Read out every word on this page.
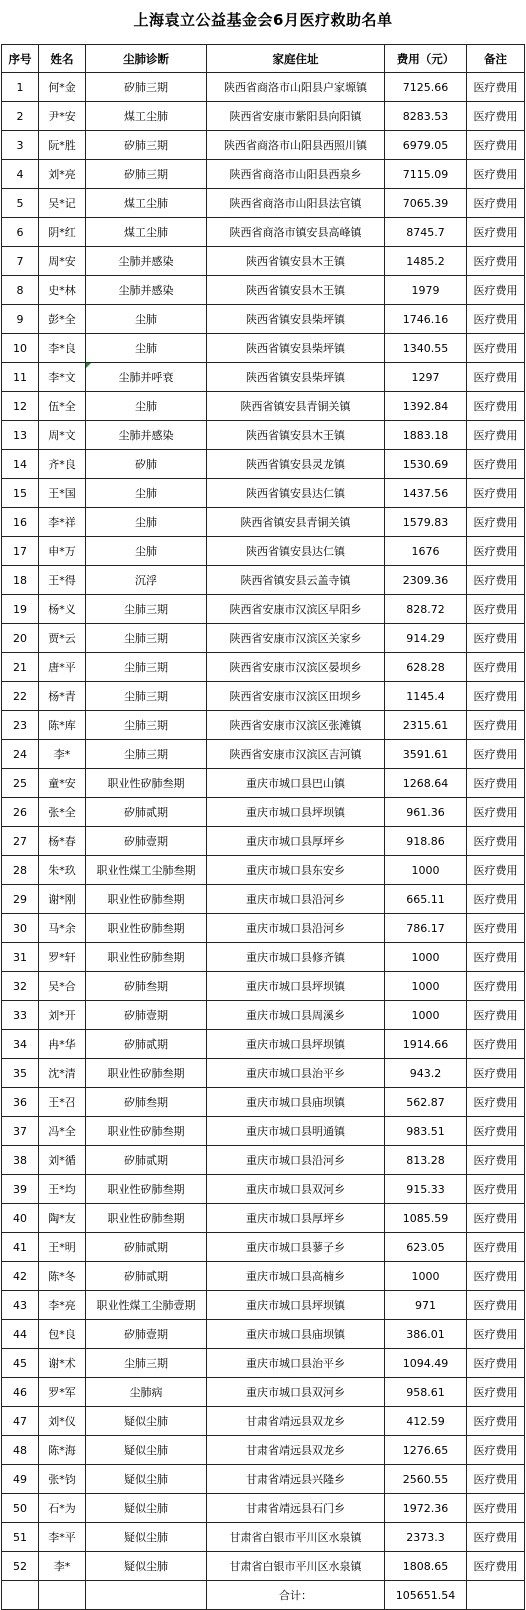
上海袁立公益基金会6月医疗救助名单
序号	姓名	尘肺诊断	家庭住址	费用（元）	备注
1	何*金	矽肺三期	陕西省商洛市山阳县户家塬镇	7125.66	医疗费用
2	尹*安	煤工尘肺	陕西省安康市紫阳县向阳镇	8283.53	医疗费用
3	阮*胜	矽肺三期	陕西省商洛市山阳县西照川镇	6979.05	医疗费用
4	刘*亮	矽肺三期	陕西省商洛市山阳县西泉乡	7115.09	医疗费用
5	吴*记	煤工尘肺	陕西省商洛市山阳县法官镇	7065.39	医疗费用
6	阴*红	煤工尘肺	陕西省商洛市镇安县高峰镇	8745.7	医疗费用
7	周*安	尘肺并感染	陕西省镇安县木王镇	1485.2	医疗费用
8	史*林	尘肺并感染	陕西省镇安县木王镇	1979	医疗费用
9	彭*全	尘肺	陕西省镇安县柴坪镇	1746.16	医疗费用
10	李*良	尘肺	陕西省镇安县柴坪镇	1340.55	医疗费用
11	李*文	尘肺并呼衰	陕西省镇安县柴坪镇	1297	医疗费用
12	伍*全	尘肺	陕西省镇安县青铜关镇	1392.84	医疗费用
13	周*文	尘肺并感染	陕西省镇安县木王镇	1883.18	医疗费用
14	齐*良	矽肺	陕西省镇安县灵龙镇	1530.69	医疗费用
15	王*国	尘肺	陕西省镇安县达仁镇	1437.56	医疗费用
16	李*祥	尘肺	陕西省镇安县青铜关镇	1579.83	医疗费用
17	申*万	尘肺	陕西省镇安县达仁镇	1676	医疗费用
18	王*得	沉浮	陕西省镇安县云盖寺镇	2309.36	医疗费用
19	杨*义	尘肺三期	陕西省安康市汉滨区早阳乡	828.72	医疗费用
20	贾*云	尘肺三期	陕西省安康市汉滨区关家乡	914.29	医疗费用
21	唐*平	尘肺三期	陕西省安康市汉滨区晏坝乡	628.28	医疗费用
22	杨*青	尘肺三期	陕西省安康市汉滨区田坝乡	1145.4	医疗费用
23	陈*库	尘肺三期	陕西省安康市汉滨区张滩镇	2315.61	医疗费用
24	李*	尘肺三期	陕西省安康市汉滨区吉河镇	3591.61	医疗费用
25	童*安	职业性矽肺叁期	重庆市城口县巴山镇	1268.64	医疗费用
26	张*全	矽肺贰期	重庆市城口县坪坝镇	961.36	医疗费用
27	杨*春	矽肺壹期	重庆市城口县厚坪乡	918.86	医疗费用
28	朱*玖	职业性煤工尘肺叁期	重庆市城口县东安乡	1000	医疗费用
29	谢*刚	职业性矽肺叁期	重庆市城口县沿河乡	665.11	医疗费用
30	马*余	职业性矽肺叁期	重庆市城口县沿河乡	786.17	医疗费用
31	罗*轩	职业性矽肺叁期	重庆市城口县修齐镇	1000	医疗费用
32	吴*合	矽肺叁期	重庆市城口县坪坝镇	1000	医疗费用
33	刘*开	矽肺壹期	重庆市城口县周溪乡	1000	医疗费用
34	冉*华	矽肺贰期	重庆市城口县坪坝镇	1914.66	医疗费用
35	沈*清	职业性矽肺叁期	重庆市城口县治平乡	943.2	医疗费用
36	王*召	矽肺叁期	重庆市城口县庙坝镇	562.87	医疗费用
37	冯*全	职业性矽肺叁期	重庆市城口县明通镇	983.51	医疗费用
38	刘*循	矽肺贰期	重庆市城口县沿河乡	813.28	医疗费用
39	王*均	职业性矽肺叁期	重庆市城口县双河乡	915.33	医疗费用
40	陶*友	职业性矽肺叁期	重庆市城口县厚坪乡	1085.59	医疗费用
41	王*明	矽肺贰期	重庆市城口县蓼子乡	623.05	医疗费用
42	陈*冬	矽肺贰期	重庆市城口县高楠乡	1000	医疗费用
43	李*亮	职业性煤工尘肺壹期	重庆市城口县坪坝镇	971	医疗费用
44	包*良	矽肺壹期	重庆市城口县庙坝镇	386.01	医疗费用
45	谢*术	尘肺三期	重庆市城口县治平乡	1094.49	医疗费用
46	罗*军	尘肺病	重庆市城口县双河乡	958.61	医疗费用
47	刘*仪	疑似尘肺	甘肃省靖远县双龙乡	412.59	医疗费用
48	陈*海	疑似尘肺	甘肃省靖远县双龙乡	1276.65	医疗费用
49	张*钧	疑似尘肺	甘肃省靖远县兴隆乡	2560.55	医疗费用
50	石*为	疑似尘肺	甘肃省靖远县石门乡	1972.36	医疗费用
51	李*平	疑似尘肺	甘肃省白银市平川区水泉镇	2373.3	医疗费用
52	李*	疑似尘肺	甘肃省白银市平川区水泉镇	1808.65	医疗费用
			合计：	105651.54	
